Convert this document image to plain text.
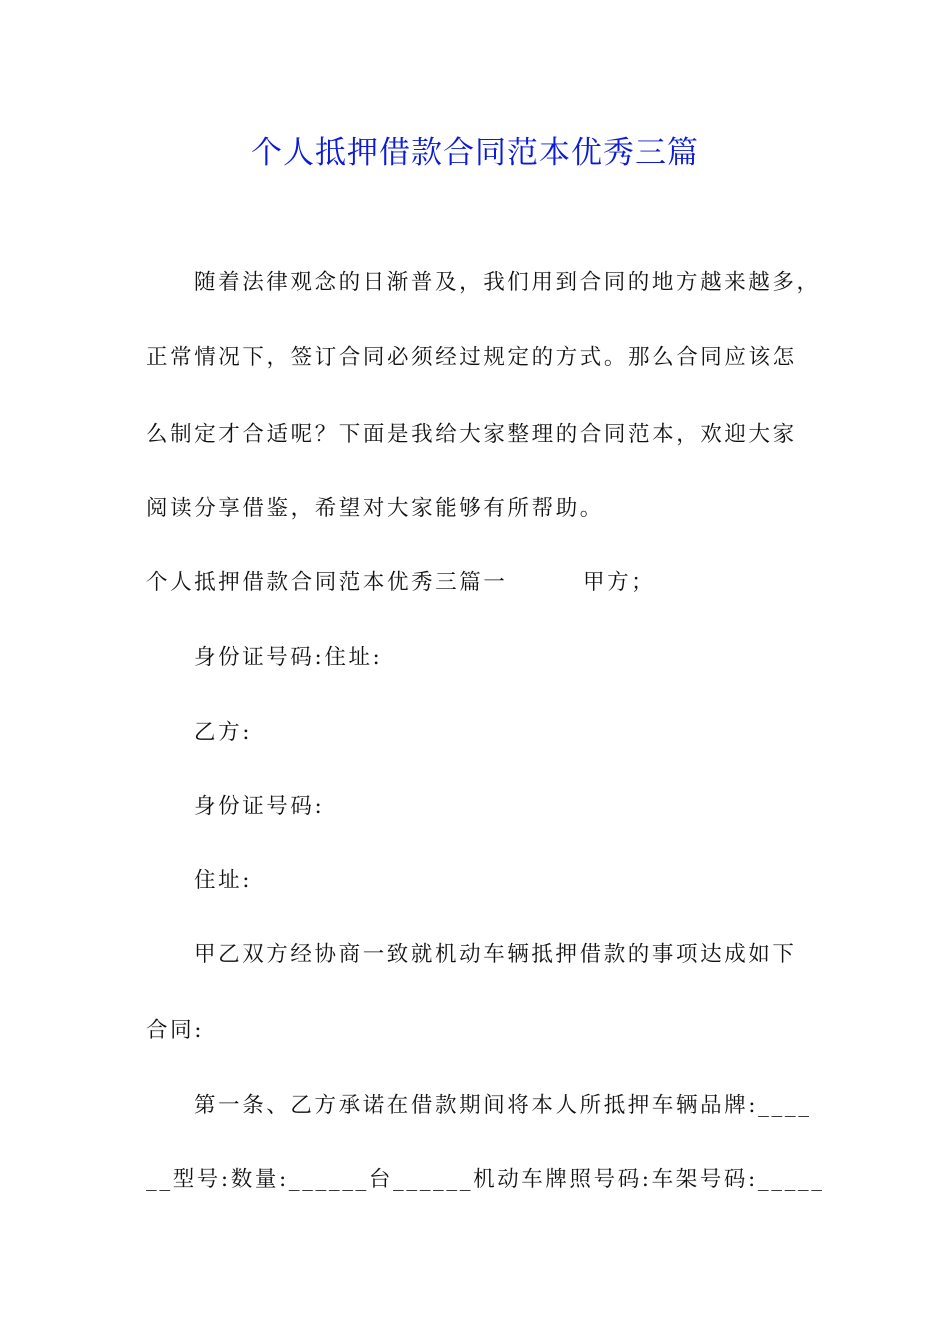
个人抵押借款合同范本优秀三篇

随着法律观念的日渐普及，我们用到合同的地方越来越多，

正常情况下，签订合同必须经过规定的方式。那么合同应该怎

么制定才合适呢？下面是我给大家整理的合同范本，欢迎大家

阅读分享借鉴，希望对大家能够有所帮助。

个人抵押借款合同范本优秀三篇一        甲方；

身份证号码:住址:

乙方:

身份证号码:

住址:

甲乙双方经协商一致就机动车辆抵押借款的事项达成如下

合同:

第一条、乙方承诺在借款期间将本人所抵押车辆品牌:____

__型号:数量:______台______机动车牌照号码:车架号码:_____
